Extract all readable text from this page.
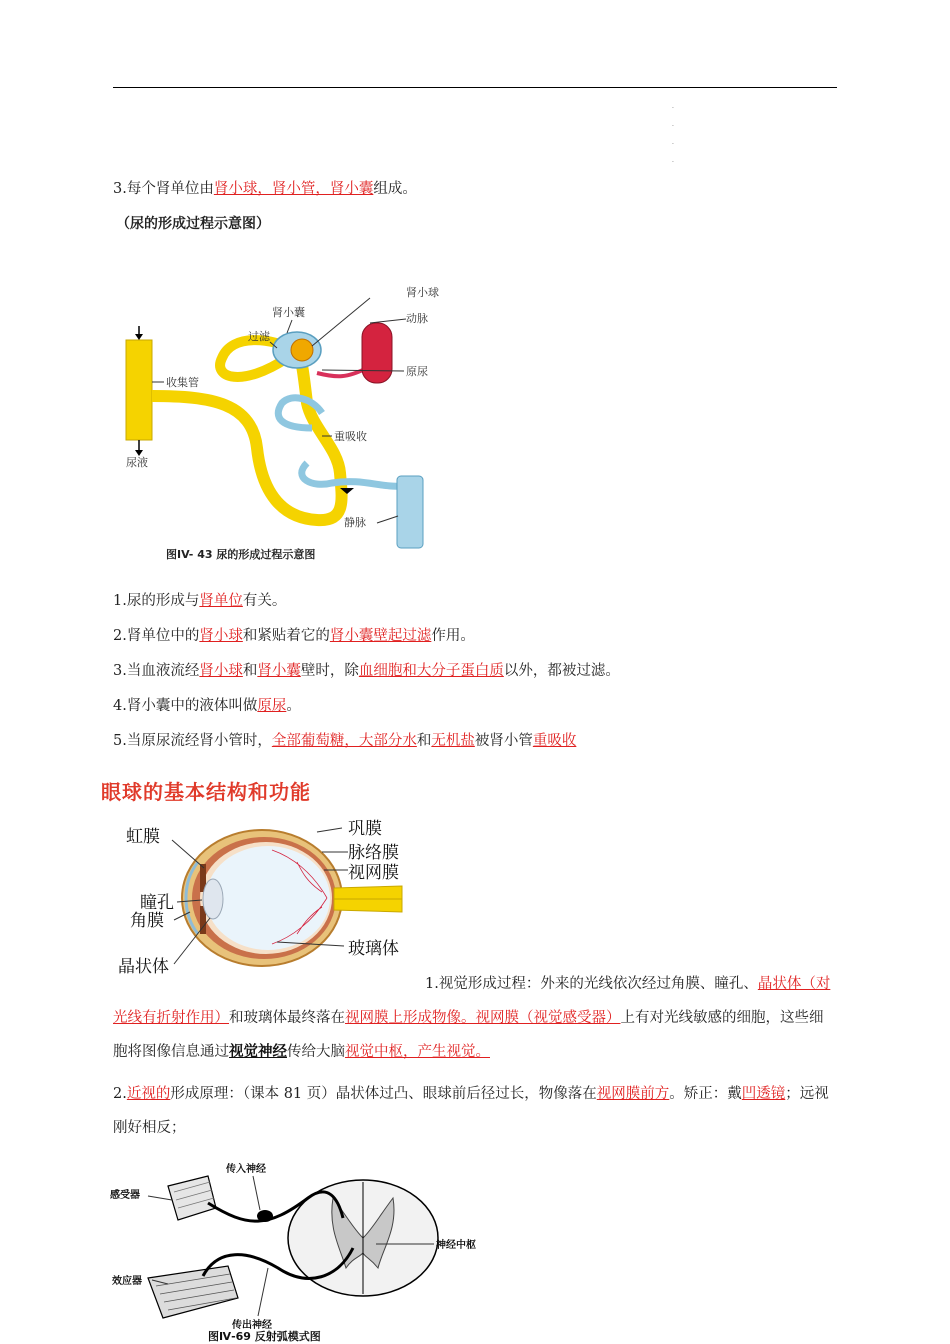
.
.
.
.
3.每个肾单位由肾小球，肾小管，肾小囊组成。
（尿的形成过程示意图）
肾小球
肾小囊	动脉
过滤
收集管
原尿
重吸收
尿液
静脉
图IV- 43 尿的形成过程示意图
1.尿的形成与肾单位有关。
2.肾单位中的肾小球和紧贴着它的肾小囊壁起过滤作用。
3.当血液流经肾小球和肾小囊壁时，除血细胞和大分子蛋白质以外，都被过滤。
4.肾小囊中的液体叫做原尿。
5.当原尿流经肾小管时，全部葡萄糖，大部分水和无机盐被肾小管重吸收
眼球的基本结构和功能
虹膜	巩膜
脉络膜
视网膜
瞳孔
角膜
玻璃体
晶状体
1.视觉形成过程：外来的光线依次经过角膜、瞳孔、晶状体（对光线有折射作用）和玻璃体最终落在视网膜上形成物像。视网膜（视觉感受器）上有对光线敏感的细胞，这些细胞将图像信息通过视觉神经传给大脑视觉中枢，产生视觉。
2.近视的形成原理：（课本 81 页）晶状体过凸、眼球前后径过长，物像落在视网膜前方。矫正：戴凹透镜；远视刚好相反；
传入神经
感受器
神经中枢
效应器
传出神经
图Ⅳ-69 反射弧模式图
